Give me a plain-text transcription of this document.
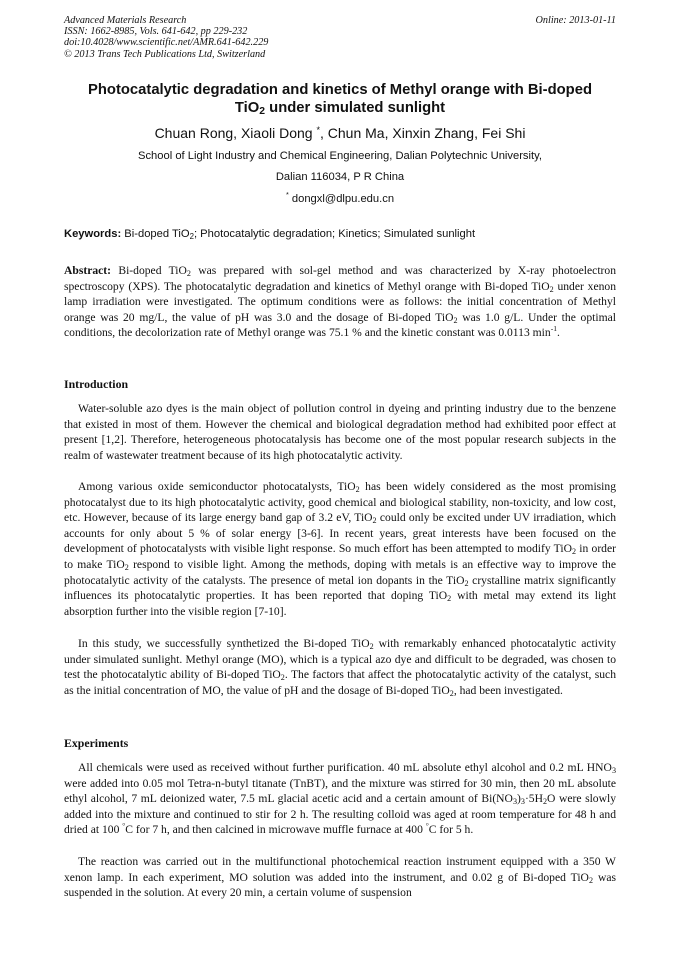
Advanced Materials Research
ISSN: 1662-8985, Vols. 641-642, pp 229-232
doi:10.4028/www.scientific.net/AMR.641-642.229
© 2013 Trans Tech Publications Ltd, Switzerland
Online: 2013-01-11
Photocatalytic degradation and kinetics of Methyl orange with Bi-doped
TiO$_2$ under simulated sunlight
Chuan Rong, Xiaoli Dong *, Chun Ma, Xinxin Zhang, Fei Shi
School of Light Industry and Chemical Engineering, Dalian Polytechnic University,
Dalian 116034, P R China
* dongxl@dlpu.edu.cn
Keywords: Bi-doped TiO$_2$; Photocatalytic degradation; Kinetics; Simulated sunlight
Abstract: Bi-doped TiO$_2$ was prepared with sol-gel method and was characterized by X-ray photoelectron spectroscopy (XPS). The photocatalytic degradation and kinetics of Methyl orange with Bi-doped TiO$_2$ under xenon lamp irradiation were investigated. The optimum conditions were as follows: the initial concentration of Methyl orange was 20 mg/L, the value of pH was 3.0 and the dosage of Bi-doped TiO$_2$ was 1.0 g/L. Under the optimal conditions, the decolorization rate of Methyl orange was 75.1 % and the kinetic constant was 0.0113 $\min^{-1}$.
Introduction

Water-soluble azo dyes is the main object of pollution control in dyeing and printing industry due to the benzene that existed in most of them. However the chemical and biological degradation method had exhibited poor effect at present [1,2]. Therefore, heterogeneous photocatalysis has become one of the most popular research subjects in the realm of wastewater treatment because of its high photocatalytic activity.

Among various oxide semiconductor photocatalysts, TiO$_2$ has been widely considered as the most promising photocatalyst due to its high photocatalytic activity, good chemical and biological stability, non-toxicity, and low cost, etc. However, because of its large energy band gap of 3.2 eV, TiO$_2$ could only be excited under UV irradiation, which accounts for only about 5 % of solar energy [3-6]. In recent years, great interests have been focused on the development of photocatalysts with visible light response. So much effort has been attempted to modify TiO$_2$ in order to make TiO$_2$ respond to visible light. Among the methods, doping with metals is an effective way to improve the photocatalytic activity of the catalysts. The presence of metal ion dopants in the TiO$_2$ crystalline matrix significantly influences its photocatalytic properties. It has been reported that doping TiO$_2$ with metal may extend its light absorption further into the visible region [7-10].

In this study, we successfully synthetized the Bi-doped TiO$_2$ with remarkably enhanced photocatalytic activity under simulated sunlight. Methyl orange (MO), which is a typical azo dye and difficult to be degraded, was chosen to test the photocatalytic ability of Bi-doped TiO$_2$. The factors that affect the photocatalytic activity of the catalyst, such as the initial concentration of MO, the value of pH and the dosage of Bi-doped TiO$_2$, had been investigated.

Experiments

All chemicals were used as received without further purification. 40 mL absolute ethyl alcohol and 0.2 mL $HNO_3$ were added into 0.05 mol Tetra-n-butyl titanate (TnBT), and the mixture was stirred for 30 min, then 20 mL absolute ethyl alcohol, 7 mL deionized water, 7.5 mL glacial acetic acid and a certain amount of $Bi(NO_3)_3\cdot 5H_2O$ were slowly added into the mixture and continued to stir for 2 h. The resulting colloid was aged at room temperature for 48 h and dried at 100 °C for 7 h, and then calcined in microwave muffle furnace at 400 °C for 5 h.

The reaction was carried out in the multifunctional photochemical reaction instrument equipped with a 350 W xenon lamp. In each experiment, MO solution was added into the instrument, and 0.02 g of Bi-doped TiO$_2$ was suspended in the solution. At every 20 min, a certain volume of suspension
